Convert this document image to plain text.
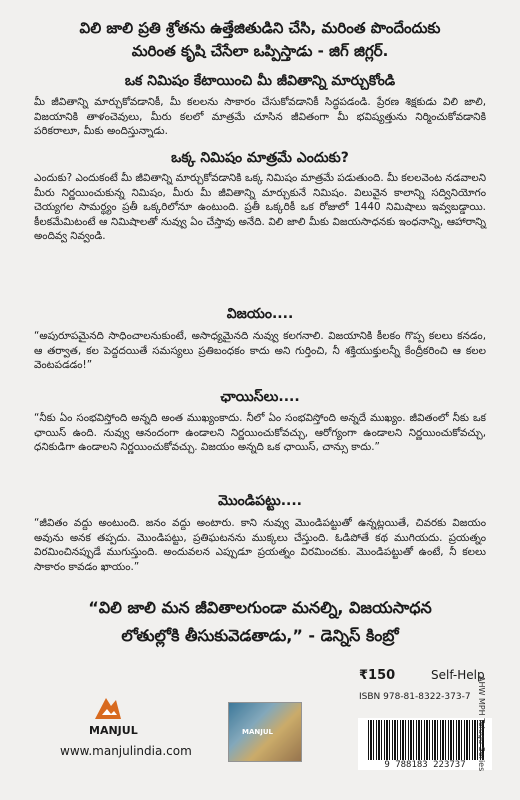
విలి జాలి ప్రతి శ్రోతను ఉత్తేజితుడిని చేసి, మరింత పొందేందుకు

మరింత కృషి చేసేలా ఒప్పిస్తాడు - జిగ్ జిగ్లర్.

ఒక నిమిషం కేటాయించి మీ జీవితాన్ని మార్చుకోండి

మీ జీవితాన్ని మార్చుకోవడానికీ, మీ కలలను సాకారం చేసుకోవడానికీ సిద్ధపడండి. ప్రేరణ శిక్షకుడు విలి జాలి, విజయానికి తాళంచెవులు, మీరు కలలో మాత్రమే చూసిన జీవితంగా మీ భవిష్యత్తును నిర్మించుకోవడానికి పరికరాలూ, మీకు అందిస్తున్నాడు.

ఒక్క నిమిషం మాత్రమే ఎందుకు?

ఎందుకు? ఎందుకంటే మీ జీవితాన్ని మార్చుకోవడానికి ఒక్క నిమిషం మాత్రమే పడుతుంది. మీ కలలవెంట నడవాలని మీరు నిర్ణయించుకున్న నిమిషం, మీరు మీ జీవితాన్ని మార్చుకునే నిమిషం. విలువైన కాలాన్ని సద్వినియోగం చెయ్యగల సామర్థ్యం ప్రతీ ఒక్కరిలోనూ ఉంటుంది. ప్రతీ ఒక్కరికీ ఒక రోజులో 1440 నిమిషాలు ఇవ్వబడ్డాయి. కీలకమేమిటంటే ఆ నిమిషాలతో నువ్వు ఏం చేస్తావు అనేది. విలి జాలి మీకు విజయసాధనకు ఇంధనాన్ని, ఆహారాన్ని అందివ్వ నివ్వండి.

విజయం....

“అపురూపమైనది సాధించాలనుకుంటే, అసాధ్యమైనది నువ్వు కలగనాలి. విజయానికి కీలకం గొప్ప కలలు కనడం, ఆ తర్వాత, కల పెద్దదయితే సమస్యలు ప్రతిబంధకం కాదు అని గుర్తించి, నీ శక్తియుక్తులన్నీ కేంద్రీకరించి ఆ కలల వెంటపడడం!”

ఛాయిస్‌లు....

“నీకు ఏం సంభవిస్తోంది అన్నది అంత ముఖ్యంకాదు. నీలో ఏం సంభవిస్తోంది అన్నదే ముఖ్యం. జీవితంలో నీకు ఒక ఛాయిస్ ఉంది. నువ్వు ఆనందంగా ఉండాలని నిర్ణయించుకోవచ్చు, ఆరోగ్యంగా ఉండాలని నిర్ణయించుకోవచ్చు, ధనికుడిగా ఉండాలని నిర్ణయించుకోవచ్చు. విజయం అన్నది ఒక ఛాయిస్, చాన్సు కాదు.”

మొండిపట్టు....

“జీవితం వద్దు అంటుంది. జనం వద్దు అంటారు. కాని నువ్వు మొండిపట్టుతో ఉన్నట్లయితే, చివరకు విజయం అవును అనక తప్పదు. మొండిపట్టు, ప్రతిఘటనను ముక్కలు చేస్తుంది. ఓడిపోతే కథ ముగియదు. ప్రయత్నం విరమించినప్పుడే ముగుస్తుంది. అందువలన ఎప్పుడూ ప్రయత్నం విరమించకు. మొండిపట్టుతో ఉంటే, నీ కలలు సాకారం కావడం ఖాయం.”

“విలి జాలి మన జీవితాలగుండా మనల్ని, విజయసాధన

లోతుల్లోకి తీసుకువెడతాడు,” - డెన్నిస్ కింబ్రో

₹150	Self-Help
ISBN 978-81-8322-373-7
9 788183 223737
MANJUL
www.manjulindia.com
MANJUL	AHW MPH Telugu Series
